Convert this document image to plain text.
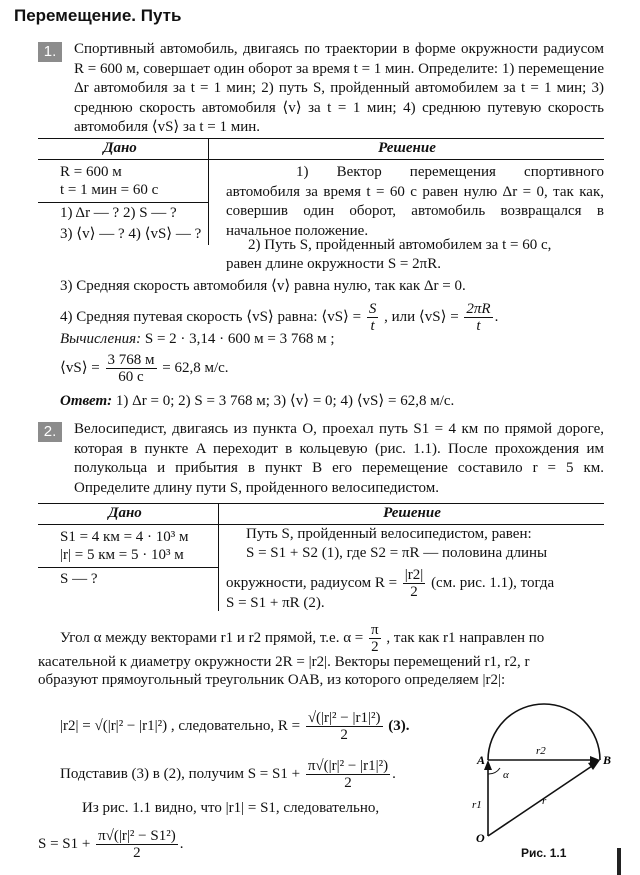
Перемещение. Путь
1.	Спортивный автомобиль, двигаясь по траектории в форме окружности радиусом R = 600 м, совершает один оборот за время t = 1 мин. Определите: 1) перемещение Δr автомобиля за t = 1 мин; 2) путь S, пройденный автомобилем за t = 1 мин; 3) среднюю скорость автомобиля ⟨v⟩ за t = 1 мин; 4) среднюю путевую скорость автомобиля ⟨vS⟩ за t = 1 мин.
Дано	Решение
R = 600 м
t = 1 мин = 60 с
1) Δr — ? 2) S — ?
3) ⟨v⟩ — ? 4) ⟨vS⟩ — ?
1) Вектор перемещения спортивного автомобиля за время t = 60 с равен нулю Δr = 0, так как, совершив один оборот, автомобиль возвращался в начальное положение.
2) Путь S, пройденный автомобилем за t = 60 с,
равен длине окружности S = 2πR.
3) Средняя скорость автомобиля ⟨v⟩ равна нулю, так как Δr = 0.
4) Средняя путевая скорость ⟨vS⟩ равна: ⟨vS⟩ = $\frac{S}{t}$ , или ⟨vS⟩ = $\frac{2\pi R}{t}$ .
Вычисления: S = 2 · 3,14 · 600 м = 3 768 м ;
⟨vS⟩ = $\frac{3 768 м}{60 с} = 62,8$ м/с.
Ответ: 1) Δr = 0; 2) S = 3 768 м; 3) ⟨v⟩ = 0; 4) ⟨vS⟩ = 62,8 м/с.
2.	Велосипедист, двигаясь из пункта O, проехал путь S1 = 4 км по прямой дороге, которая в пункте A переходит в кольцевую (рис. 1.1). После прохождения им полукольца и прибытия в пункт B его перемещение составило r = 5 км. Определите длину пути S, пройденного велосипедистом.
Дано	Решение
S1 = 4 км = 4 · 10³ м
|r| = 5 км = 5 · 10³ м
S — ?
Путь S, пройденный велосипедистом, равен:
S = S1 + S2 (1), где S2 = πR — половина длины
окружности, радиусом $R = \frac{|r2|}{2} (см$. рис. 1.1), тогда
S = S1 + πR (2).
Угол α между векторами r1 и r2 прямой, т.е. $\alpha = \frac{\pi}{2}$ , так как r1 направлен по
касательной к диаметру окружности 2R = |r2|. Векторы перемещений r1, r2, r
образуют прямоугольный треугольник OAB, из которого определяем |r2|:
|r2| = √(|r|² − |r1|²) , следовательно, $R = \frac{\text{√(|r|² − |r1|²)}}{2} (3)$.
Подставив (3) в (2), получим $S = S1 + \frac{\text{π√(|r|² − |r1|²)}}{2}$ .
Из рис. 1.1 видно, что |r1| = S1, следовательно,
$S = S1 + \frac{\text{π√(|r|² − S1²)}}{2}$ .
A	B
O
α
r2
r1	r
Рис. 1.1
